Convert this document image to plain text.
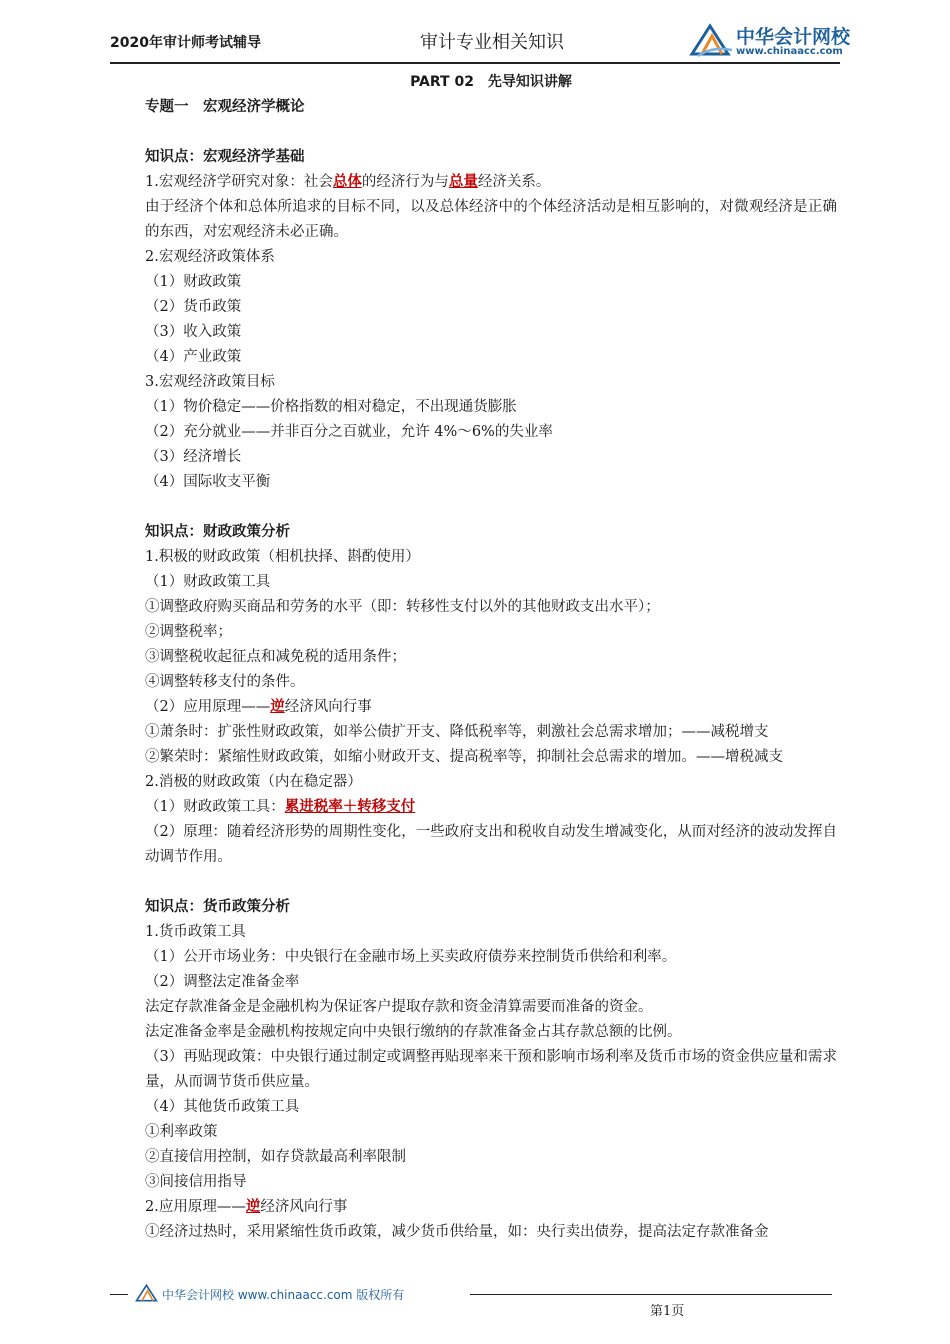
2020年审计师考试辅导	审计专业相关知识	中华会计网校
www.chinaacc.com

PART 02　先导知识讲解

专题一　宏观经济学概论

知识点：宏观经济学基础

1.宏观经济学研究对象：社会总体的经济行为与总量经济关系。

由于经济个体和总体所追求的目标不同，以及总体经济中的个体经济活动是相互影响的，对微观经济是正确的东西，对宏观经济未必正确。

2.宏观经济政策体系

（1）财政政策

（2）货币政策

（3）收入政策

（4）产业政策

3.宏观经济政策目标

（1）物价稳定——价格指数的相对稳定，不出现通货膨胀

（2）充分就业——并非百分之百就业，允许 4%～6%的失业率

（3）经济增长

（4）国际收支平衡

知识点：财政政策分析

1.积极的财政政策（相机抉择、斟酌使用）

（1）财政政策工具

①调整政府购买商品和劳务的水平（即：转移性支付以外的其他财政支出水平）；

②调整税率；

③调整税收起征点和减免税的适用条件；

④调整转移支付的条件。

（2）应用原理——逆经济风向行事

①萧条时：扩张性财政政策，如举公债扩开支、降低税率等，刺激社会总需求增加；——减税增支

②繁荣时：紧缩性财政政策，如缩小财政开支、提高税率等，抑制社会总需求的增加。——增税减支

2.消极的财政政策（内在稳定器）

（1）财政政策工具：累进税率＋转移支付

（2）原理：随着经济形势的周期性变化，一些政府支出和税收自动发生增减变化，从而对经济的波动发挥自动调节作用。

知识点：货币政策分析

1.货币政策工具

（1）公开市场业务：中央银行在金融市场上买卖政府债券来控制货币供给和利率。

（2）调整法定准备金率

法定存款准备金是金融机构为保证客户提取存款和资金清算需要而准备的资金。

法定准备金率是金融机构按规定向中央银行缴纳的存款准备金占其存款总额的比例。

（3）再贴现政策：中央银行通过制定或调整再贴现率来干预和影响市场利率及货币市场的资金供应量和需求量，从而调节货币供应量。

（4）其他货币政策工具

①利率政策

②直接信用控制，如存贷款最高利率限制

③间接信用指导

2.应用原理——逆经济风向行事

①经济过热时，采用紧缩性货币政策，减少货币供给量，如：央行卖出债券，提高法定存款准备金

中华会计网校 www.chinaacc.com 版权所有
第1页
